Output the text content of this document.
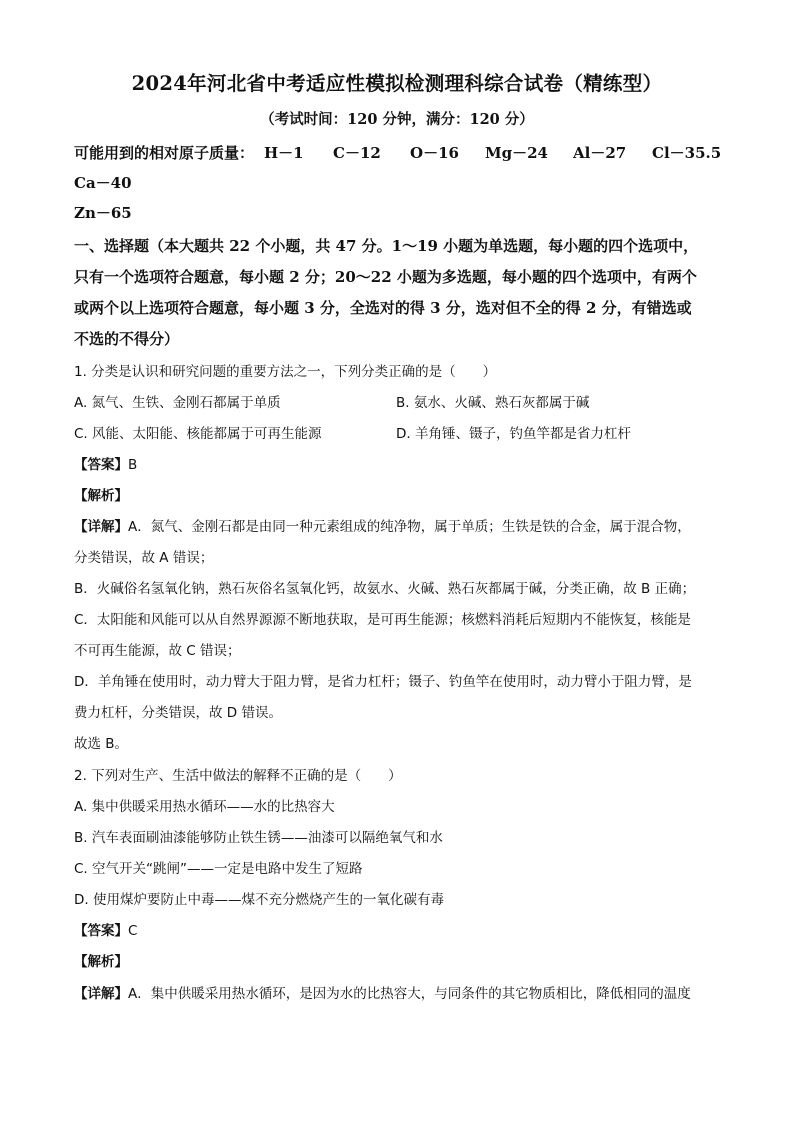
2024年河北省中考适应性模拟检测理科综合试卷（精练型）
（考试时间：120 分钟，满分：120 分）
可能用到的相对原子质量： H－1 C－12 O－16 Mg－24 Al－27 Cl－35.5
Ca－40
Zn－65
一、选择题（本大题共 22 个小题，共 47 分。1～19 小题为单选题，每小题的四个选项中，
只有一个选项符合题意，每小题 2 分；20～22 小题为多选题，每小题的四个选项中，有两个
或两个以上选项符合题意，每小题 3 分，全选对的得 3 分，选对但不全的得 2 分，有错选或
不选的不得分）
1. 分类是认识和研究问题的重要方法之一，下列分类正确的是（　　）
A. 氮气、生铁、金刚石都属于单质	B. 氨水、火碱、熟石灰都属于碱
C. 风能、太阳能、核能都属于可再生能源	D. 羊角锤、镊子，钓鱼竿都是省力杠杆
【答案】B
【解析】
【详解】A．氮气、金刚石都是由同一种元素组成的纯净物，属于单质；生铁是铁的合金，属于混合物，
分类错误，故 A 错误；
B．火碱俗名氢氧化钠，熟石灰俗名氢氧化钙，故氨水、火碱、熟石灰都属于碱，分类正确，故 B 正确；
C．太阳能和风能可以从自然界源源不断地获取，是可再生能源；核燃料消耗后短期内不能恢复，核能是
不可再生能源，故 C 错误；
D．羊角锤在使用时，动力臂大于阻力臂，是省力杠杆；镊子、钓鱼竿在使用时，动力臂小于阻力臂，是
费力杠杆，分类错误，故 D 错误。
故选 B。
2. 下列对生产、生活中做法的解释不正确的是（　　）
A. 集中供暖采用热水循环——水的比热容大
B. 汽车表面刷油漆能够防止铁生锈——油漆可以隔绝氧气和水
C. 空气开关“跳闸”——一定是电路中发生了短路
D. 使用煤炉要防止中毒——煤不充分燃烧产生的一氧化碳有毒
【答案】C
【解析】
【详解】A．集中供暖采用热水循环，是因为水的比热容大，与同条件的其它物质相比，降低相同的温度
